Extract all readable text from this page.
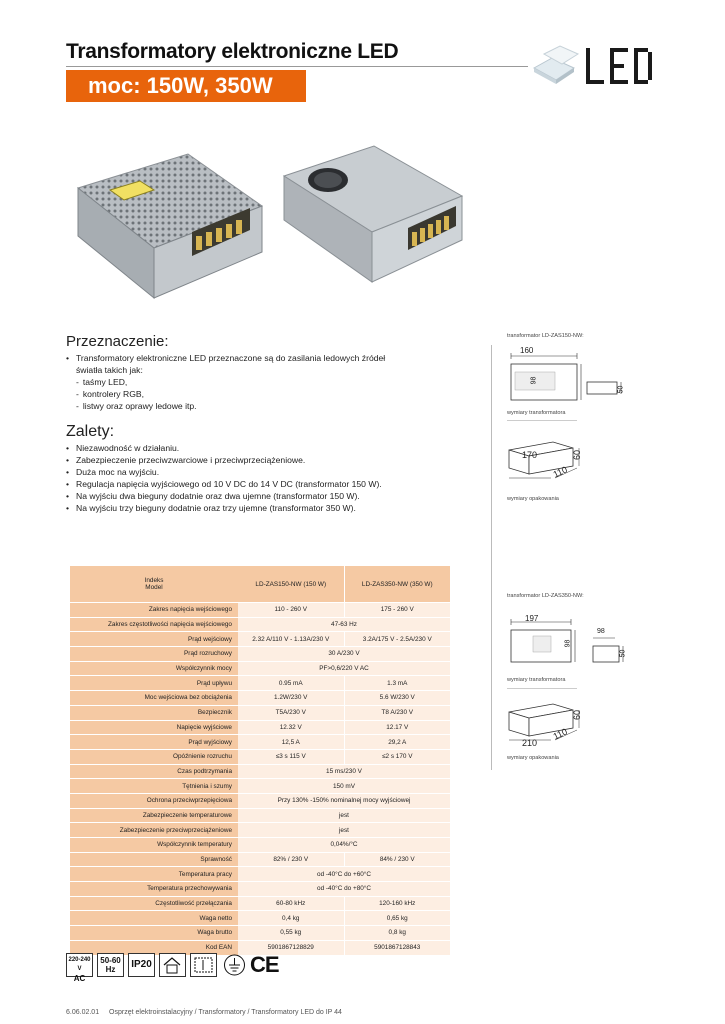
Transformatory elektroniczne LED
moc: 150W, 350W
Przeznaczenie:
• Transformatory elektroniczne LED przeznaczone są do zasilania ledowych źródeł
światła takich jak:
- taśmy LED,
- kontrolery RGB,
- listwy oraz oprawy ledowe itp.
Zalety:
• Niezawodność w działaniu.
• Zabezpieczenie przeciwzwarciowe i przeciwprzeciążeniowe.
• Duża moc na wyjściu.
• Regulacja napięcia wyjściowego od 10 V DC do 14 V DC (transformator 150 W).
• Na wyjściu dwa bieguny dodatnie oraz dwa ujemne (transformator 150 W).
• Na wyjściu trzy bieguny dodatnie oraz trzy ujemne (transformator 350 W).
transformator LD-ZAS150-NW:
160
98
50
wymiary transformatora
170
110
60
wymiary opakowania
transformator LD-ZAS350-NW:
197
98
98
50
wymiary transformatora
210
110
60
wymiary opakowania
Indeks
Model	LD-ZAS150-NW (150 W)	LD-ZAS350-NW (350 W)
Zakres napięcia wejściowego	110 - 260 V	175 - 260 V
Zakres częstotliwości napięcia wejściowego	47-63 Hz	
Prąd wejściowy	2.32 A/110 V - 1.13A/230 V	3.2A/175 V - 2.5A/230 V
Prąd rozruchowy	30 A/230 V	
Współczynnik mocy	PF>0,6/220 V AC	
Prąd upływu	0.95 mA	1.3 mA
Moc wejściowa bez obciążenia	1.2W/230 V	5.6 W/230 V
Bezpiecznik	T5A/230 V	T8 A/230 V
Napięcie wyjściowe	12.32 V	12.17 V
Prąd wyjściowy	12,5 A	29,2 A
Opóźnienie rozruchu	≤3 s 115 V	≤2 s 170 V
Czas podtrzymania	15 ms/230 V	
Tętnienia i szumy	150 mV	
Ochrona przeciwprzepięciowa	Przy 130% -150% nominalnej mocy wyjściowej	
Zabezpieczenie temperaturowe	jest	
Zabezpieczenie przeciwprzeciążeniowe	jest	
Współczynnik temperatury	0,04%/°C	
Sprawność	82% / 230 V	84% / 230 V
Temperatura pracy	od -40°C do +60°C	
Temperatura przechowywania	od -40°C do +80°C	
Częstotliwość przełączania	60-80 kHz	120-160 kHz
Waga netto	0,4 kg	0,65 kg
Waga brutto	0,55 kg	0,8 kg
Kod EAN	5901867128829	5901867128843
220-240 V
AC
50-60
Hz	IP20	CE
6.06.02.01 Osprzęt elektroinstalacyjny / Transformatory / Transformatory LED do IP 44
